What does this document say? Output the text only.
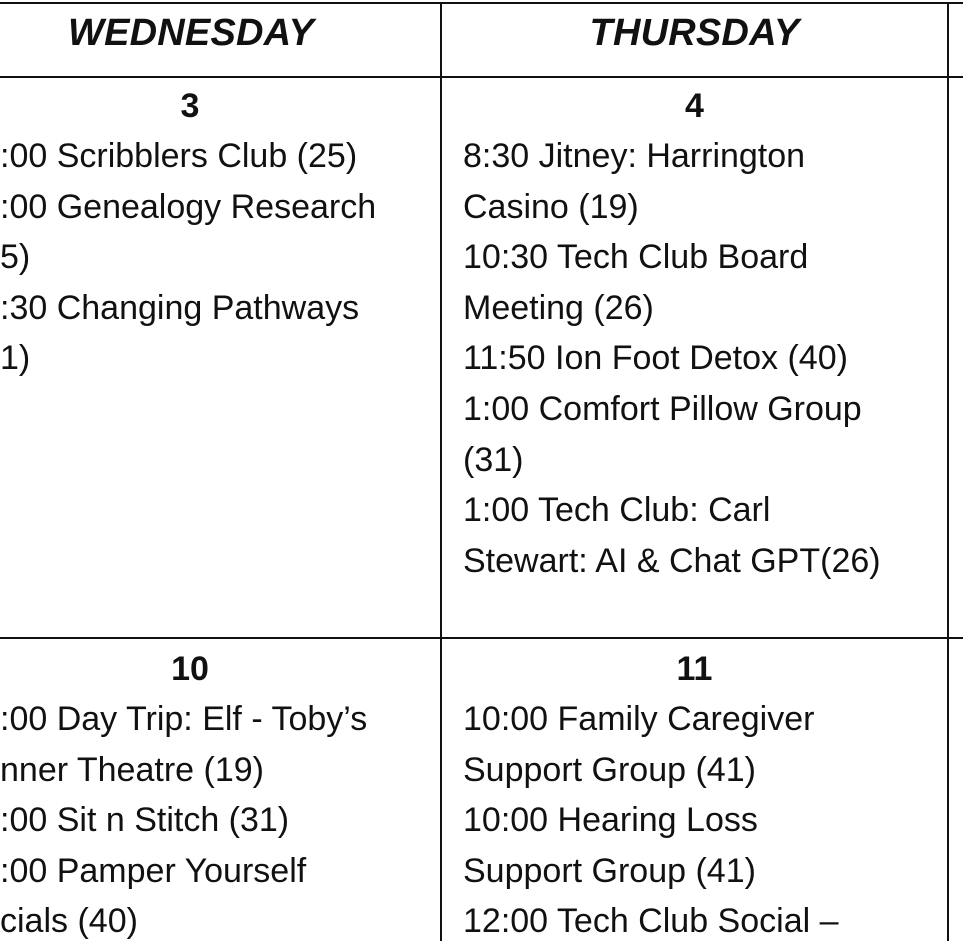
WEDNESDAY	THURSDAY
3
:00 Scribblers Club (25)
:00 Genealogy Research
5)
:30 Changing Pathways
1)
4
8:30 Jitney: Harrington
Casino (19)
10:30 Tech Club Board
Meeting (26)
11:50 Ion Foot Detox (40)
1:00 Comfort Pillow Group
(31)
1:00 Tech Club: Carl
Stewart: AI & Chat GPT(26)
10
:00 Day Trip: Elf - Toby’s
nner Theatre (19)
:00 Sit n Stitch (31)
:00 Pamper Yourself
cials (40)
11
10:00 Family Caregiver
Support Group (41)
10:00 Hearing Loss
Support Group (41)
12:00 Tech Club Social –
